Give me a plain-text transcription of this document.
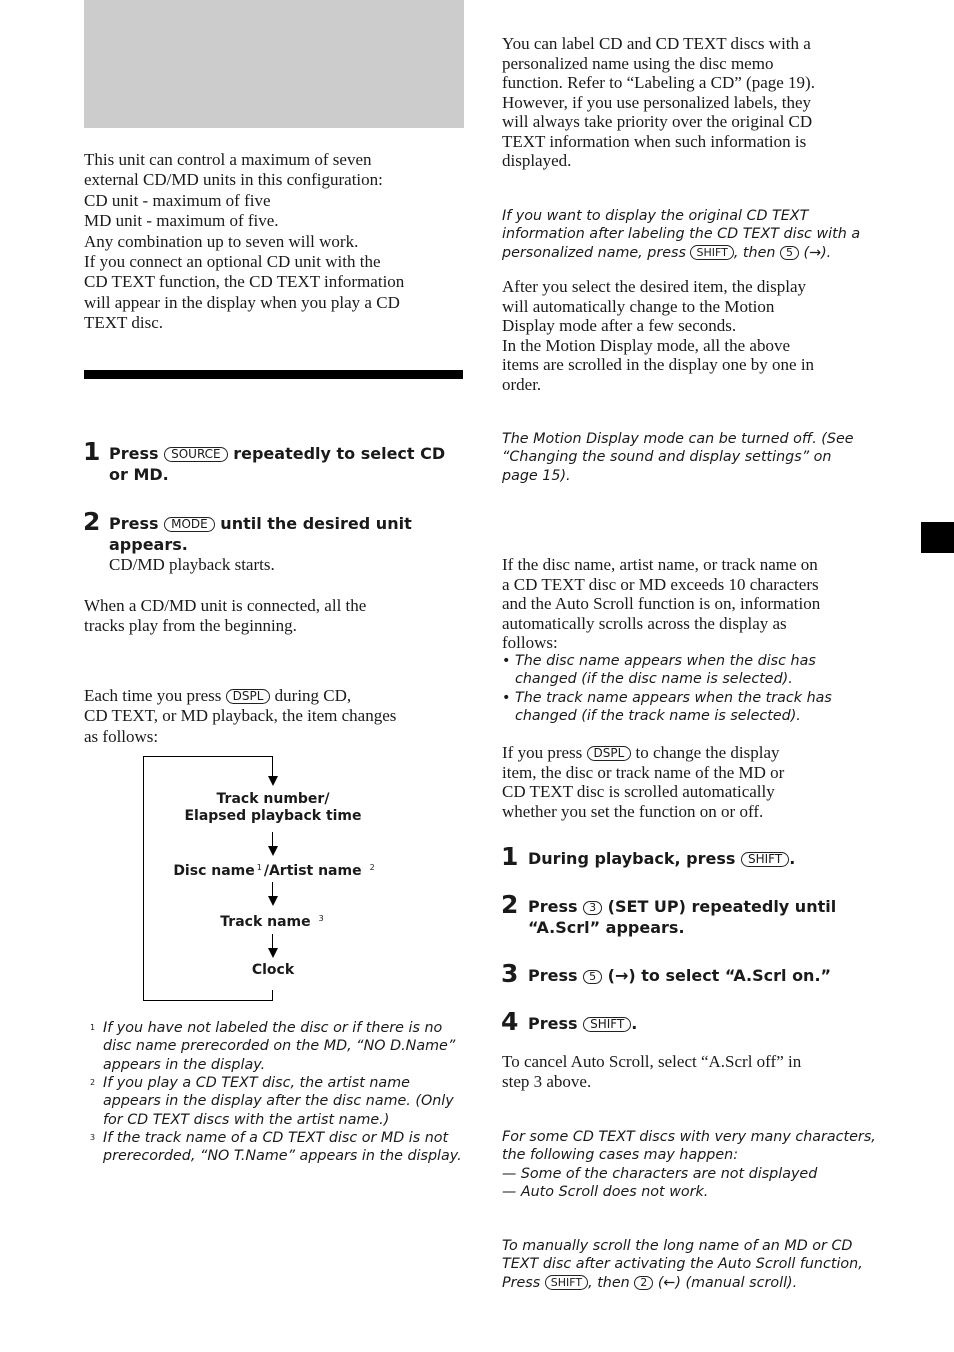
This unit can control a maximum of seven
external CD/MD units in this configuration:
CD unit - maximum of five
MD unit - maximum of five.
Any combination up to seven will work.
If you connect an optional CD unit with the
CD TEXT function, the CD TEXT information
will appear in the display when you play a CD
TEXT disc.
1 Press SOURCE repeatedly to select CD or MD.
2 Press MODE until the desired unit appears.
CD/MD playback starts.
When a CD/MD unit is connected, all the
tracks play from the beginning.
Each time you press DSPL during CD,
CD TEXT, or MD playback, the item changes
as follows:
Track number/
Elapsed playback time
Disc name $^1$ /Artist name $^2$
Track name $^3$
Clock
1 If you have not labeled the disc or if there is no disc name prerecorded on the MD, “NO D.Name” appears in the display.
2 If you play a CD TEXT disc, the artist name appears in the display after the disc name. (Only for CD TEXT discs with the artist name.)
3 If the track name of a CD TEXT disc or MD is not prerecorded, “NO T.Name” appears in the display.
You can label CD and CD TEXT discs with a
personalized name using the disc memo
function. Refer to “Labeling a CD” (page 19).
However, if you use personalized labels, they
will always take priority over the original CD
TEXT information when such information is
displayed.
If you want to display the original CD TEXT
information after labeling the CD TEXT disc with a
personalized name, press SHIFT , then 5 (→).
After you select the desired item, the display
will automatically change to the Motion
Display mode after a few seconds.
In the Motion Display mode, all the above
items are scrolled in the display one by one in
order.
The Motion Display mode can be turned off. (See
“Changing the sound and display settings” on
page 15).
If the disc name, artist name, or track name on
a CD TEXT disc or MD exceeds 10 characters
and the Auto Scroll function is on, information
automatically scrolls across the display as
follows:
• The disc name appears when the disc has changed (if the disc name is selected).
• The track name appears when the track has changed (if the track name is selected).
If you press DSPL to change the display
item, the disc or track name of the MD or
CD TEXT disc is scrolled automatically
whether you set the function on or off.
1 During playback, press SHIFT .
2 Press 3 (SET UP) repeatedly until “A.Scrl” appears.
3 Press 5 (→) to select “A.Scrl on.”
4 Press SHIFT .
To cancel Auto Scroll, select “A.Scrl off” in
step 3 above.
For some CD TEXT discs with very many characters,
the following cases may happen:
— Some of the characters are not displayed
— Auto Scroll does not work.
To manually scroll the long name of an MD or CD
TEXT disc after activating the Auto Scroll function,
Press SHIFT , then 2 (←) (manual scroll).
